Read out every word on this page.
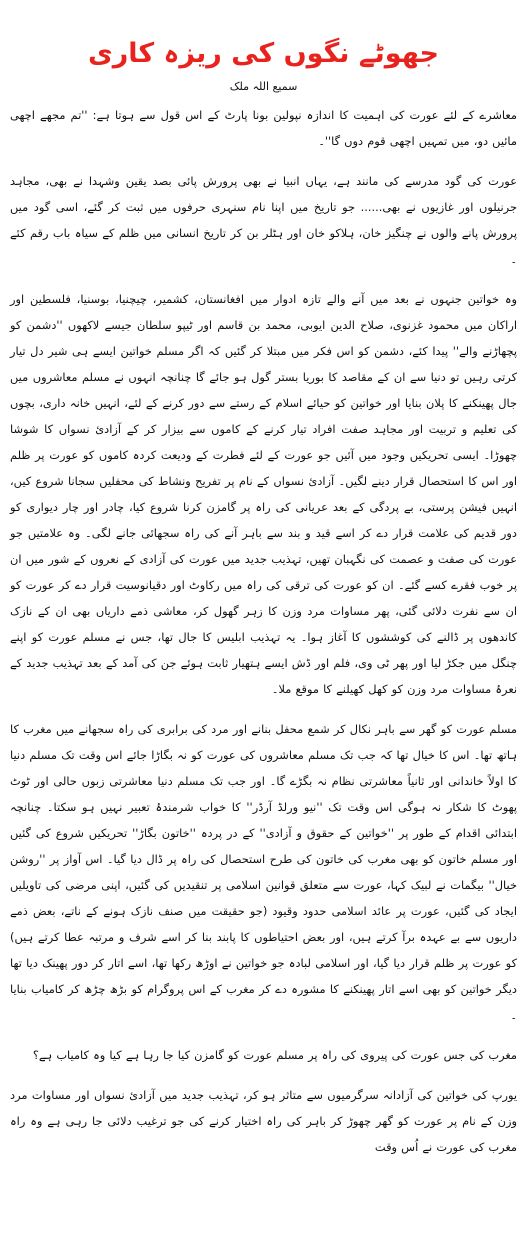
جھوٹے نگوں کی ریزہ کاری
سمیع اللہ ملک

معاشرے کے لئے عورت کی اہمیت کا اندازہ نپولین بونا پارٹ کے اس قول سے ہوتا ہے: ''تم مجھے اچھی مائیں دو، میں تمہیں اچھی قوم دوں گا''۔

عورت کی گود مدرسے کی مانند ہے، یہاں انبیا نے بھی پرورش پائی بصد یقین وشہدا نے بھی، مجاہد جرنیلوں اور غازیوں نے بھی...... جو تاریخ میں اپنا نام سنہری حرفوں میں ثبت کر گئے، اسی گود میں پرورش پانے والوں نے چنگیز خان، ہلاکو خان اور ہٹلر بن کر تاریخ انسانی میں ظلم کے سیاہ باب رقم کئے ۔

وہ خواتین جنہوں نے بعد میں آنے والے تازہ ادوار میں افغانستان، کشمیر، چیچنیا، بوسنیا، فلسطین اور اراکان میں محمود غزنوی، صلاح الدین ایوبی، محمد بن قاسم اور ٹیپو سلطان جیسے لاکھوں ''دشمن کو پچھاڑنے والے'' پیدا کئے، دشمن کو اس فکر میں مبتلا کر گئیں کہ اگر مسلم خواتین ایسے ہی شیر دل تیار کرتی رہیں تو دنیا سے ان کے مقاصد کا بوریا بستر گول ہو جائے گا چنانچہ انہوں نے مسلم معاشروں میں جال پھینکنے کا پلان بنایا اور خواتین کو حیائے اسلام کے رستے سے دور کرنے کے لئے، انہیں خانہ داری، بچوں کی تعلیم و تربیت اور مجاہد صفت افراد تیار کرنے کے کاموں سے بیزار کر کے آزادیٔ نسواں کا شوشا چھوڑا۔ ایسی تحریکیں وجود میں آئیں جو عورت کے لئے فطرت کے ودیعت کردہ کاموں کو عورت پر ظلم اور اس کا استحصال قرار دینے لگیں۔ آزادیٔ نسواں کے نام پر تفریح ونشاط کی محفلیں سجانا شروع کیں، انہیں فیشن پرستی، بے پردگی کے بعد عریانی کی راہ پر گامزن کرنا شروع کیا، چادر اور چار دیواری کو دور قدیم کی علامت قرار دے کر اسے قید و بند سے باہر آنے کی راہ سجھائی جانے لگی۔ وہ علامتیں جو عورت کی صفت و عصمت کی نگہبان تھیں، تہذیب جدید میں عورت کی آزادی کے نعروں کے شور میں ان پر خوب فقرے کسے گئے۔ ان کو عورت کی ترقی کی راہ میں رکاوٹ اور دقیانوسیت قرار دے کر عورت کو ان سے نفرت دلائی گئی، پھر مساوات مرد وزن کا زہر گھول کر، معاشی ذمے داریاں بھی ان کے نازک کاندھوں پر ڈالنے کی کوششوں کا آغاز ہوا۔ یہ تہذیب ابلیس کا جال تھا، جس نے مسلم عورت کو اپنے چنگل میں جکڑ لیا اور پھر ٹی وی، فلم اور ڈش ایسے ہتھیار ثابت ہوئے جن کی آمد کے بعد تہذیب جدید کے نعرۂ مساوات مرد وزن کو کھل کھیلنے کا موقع ملا۔

مسلم عورت کو گھر سے باہر نکال کر شمع محفل بنانے اور مرد کی برابری کی راہ سجھانے میں مغرب کا ہاتھ تھا۔ اس کا خیال تھا کہ جب تک مسلم معاشروں کی عورت کو نہ بگاڑا جائے اس وقت تک مسلم دنیا کا اولاً خاندانی اور ثانیاً معاشرتی نظام نہ بگڑے گا۔ اور جب تک مسلم دنیا معاشرتی زبوں حالی اور ٹوٹ پھوٹ کا شکار نہ ہوگی اس وقت تک ''نیو ورلڈ آرڈر'' کا خواب شرمندۂ تعبیر نہیں ہو سکتا۔ چنانچہ ابتدائی اقدام کے طور پر ''خواتین کے حقوق و آزادی'' کے در پردہ ''خاتون بگاڑ'' تحریکیں شروع کی گئیں اور مسلم خاتون کو بھی مغرب کی خاتون کی طرح استحصال کی راہ پر ڈال دیا گیا۔ اس آواز پر ''روشن خیال'' بیگمات نے لبیک کہا، عورت سے متعلق قوانین اسلامی پر تنقیدیں کی گئیں، اپنی مرضی کی تاویلیں ایجاد کی گئیں، عورت پر عائد اسلامی حدود وقیود (جو حقیقت میں صنف نازک ہونے کے ناتے، بعض ذمے داریوں سے بے عہدہ برآ کرتے ہیں، اور بعض احتیاطوں کا پابند بنا کر اسے شرف و مرتبہ عطا کرتے ہیں) کو عورت پر ظلم قرار دیا گیا، اور اسلامی لبادہ جو خواتین نے اوڑھ رکھا تھا، اسے اتار کر دور پھینک دیا تھا دیگر خواتین کو بھی اسے اتار پھینکنے کا مشورہ دے کر مغرب کے اس پروگرام کو بڑھ چڑھ کر کامیاب بنایا ۔

مغرب کی جس عورت کی پیروی کی راہ پر مسلم عورت کو گامزن کیا جا رہا ہے کیا وہ کامیاب ہے؟

یورپ کی خواتین کی آزادانہ سرگرمیوں سے متاثر ہو کر، تہذیب جدید میں آزادیٔ نسواں اور مساوات مرد وزن کے نام پر عورت کو گھر چھوڑ کر باہر کی راہ اختیار کرنے کی جو ترغیب دلائی جا رہی ہے وہ راہ مغرب کی عورت نے اُس وقت
